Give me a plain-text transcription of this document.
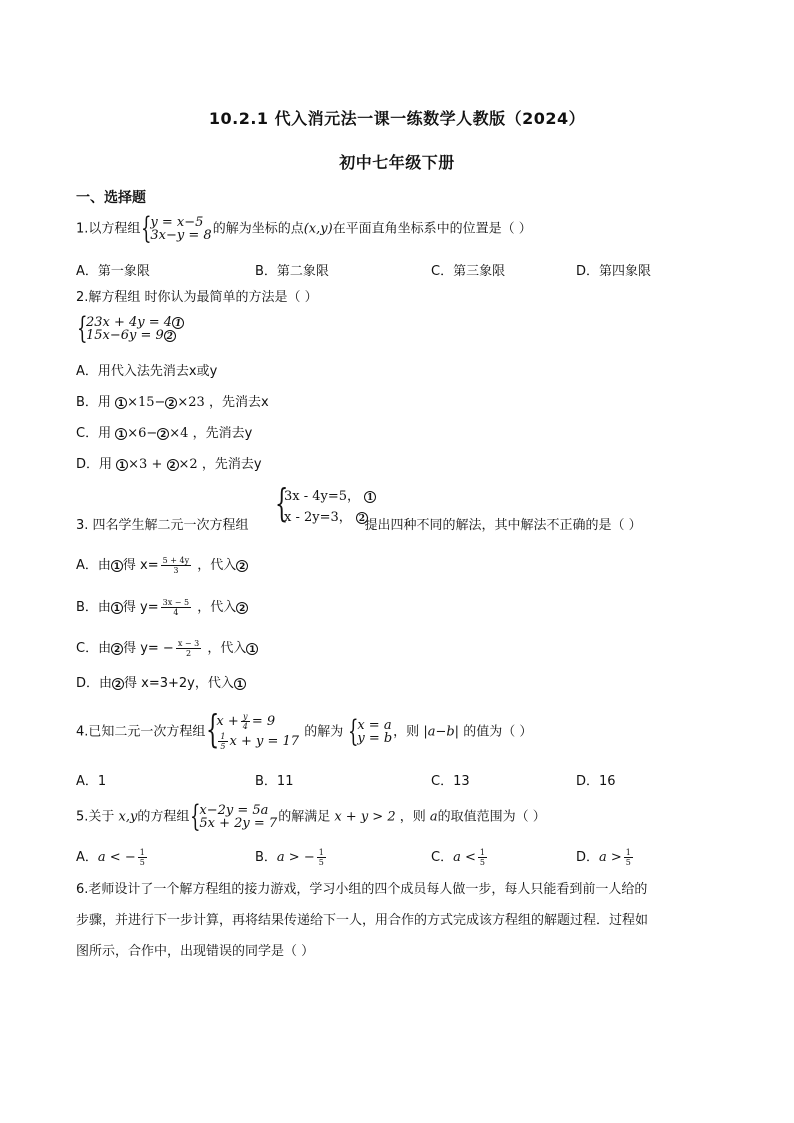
10.2.1 代入消元法一课一练数学人教版（2024）
初中七年级下册
一、选择题
1.以方程组 {
y = x−5
3x−y = 8 的解为坐标的点(x,y)在平面直角坐标系中的位置是（ ）
A．第一象限	B．第二象限	C．第三象限	D．第四象限
2.解方程组 时你认为最简单的方法是（ ）
{
23x + 4y = 4 1
15x−6y = 9 2
A．用代入法先消去x或y
B．用 1 ×15− 2 ×23 ，先消去x
C．用 1 ×6− 2 ×4 ，先消去y
D．用 1 ×3 + 2 ×2 ，先消去y
{
3x - 4y=5， 1
x - 2y=3， 2
3. 四名学生解二元一次方程组	提出四种不同的解法，其中解法不正确的是（ ）
A．由 1 得 $x= \frac{5 + 4y}{3}$ ，代入 2
B．由 1 得 $y= \frac{3x - 5}{4}$ ，代入 2
C．由 2 得 $y= - \frac{x - 3}{2}$ ，代入 1
D．由 2 得 x=3+2y，代入 1
4.已知二元一次方程组 {
$x + \frac{y}{4} = 9$
$\frac{1}{5}$ x + y = 17
的解为 {
x = a
y = b ，则 |a−b| 的值为（ ）
A．1	B．11	C．13	D．16
5.关于 x,y的方程组 {
x−2y = 5a
5x + 2y = 7 的解满足 x + y > 2 ，则 a的取值范围为（ ）
A．a < − $\frac{1}{5}$	B．a > − $\frac{1}{5}$	C．$a < \frac{1}{5}$	D．$a > \frac{1}{5}$
6.老师设计了一个解方程组的接力游戏，学习小组的四个成员每人做一步，每人只能看到前一人给的
步骤，并进行下一步计算，再将结果传递给下一人，用合作的方式完成该方程组的解题过程．过程如
图所示，合作中，出现错误的同学是（ ）
